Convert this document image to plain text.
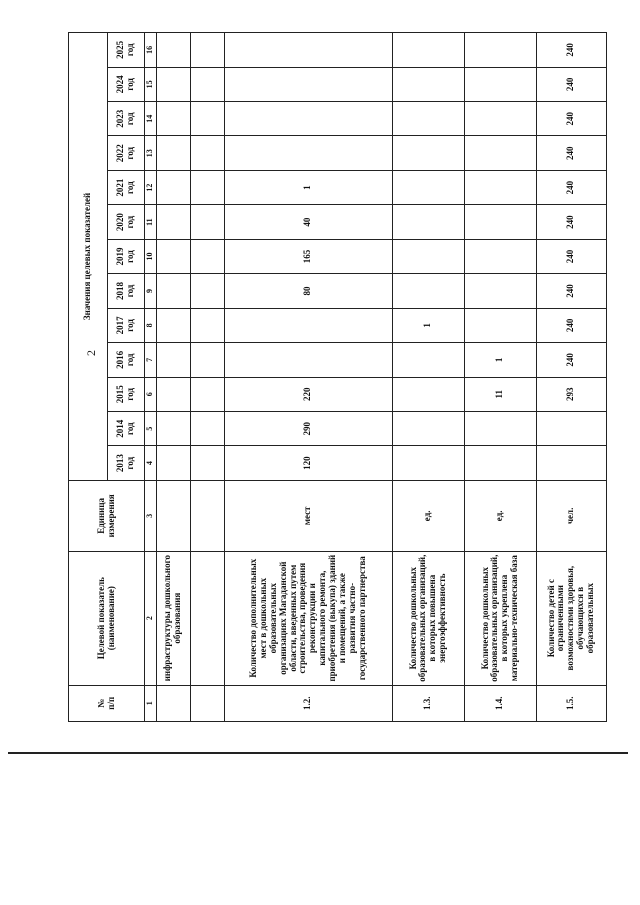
2
№
п/п	Целевой показатель
(наименование)	Единица
измерения	Значения целевых показателей												
			2013
год	2014
год	2015
год	2016
год	2017
год	2018
год	2019
год	2020
год	2021
год	2022
год	2023
год	2024
год	2025
год
1	2	3	4	5	6	7	8	9	10	11	12	13	14	15	16
	инфраструктуры дошкольного образования														

1.2.	Количество дополнительных мест в дошкольных образовательных организациях Магаданской области, введенных путем строительства, проведения реконструкции и капитального ремонта, приобретения (выкупа) зданий и помещений, а также развития частно-государственного партнерства	мест	120	290	220			80	165	40	1				
1.3.	Количество дошкольных образовательных организаций, в которых повышена энергоэффективность	ед.					1								
1.4.	Количество дошкольных образовательных организаций, в которых укреплена материально-техническая база	ед.			11	1									
1.5.	Количество детей с ограниченными возможностями здоровья, обучающихся в образовательных	чел.			293	240	240	240	240	240	240	240	240	240	240
